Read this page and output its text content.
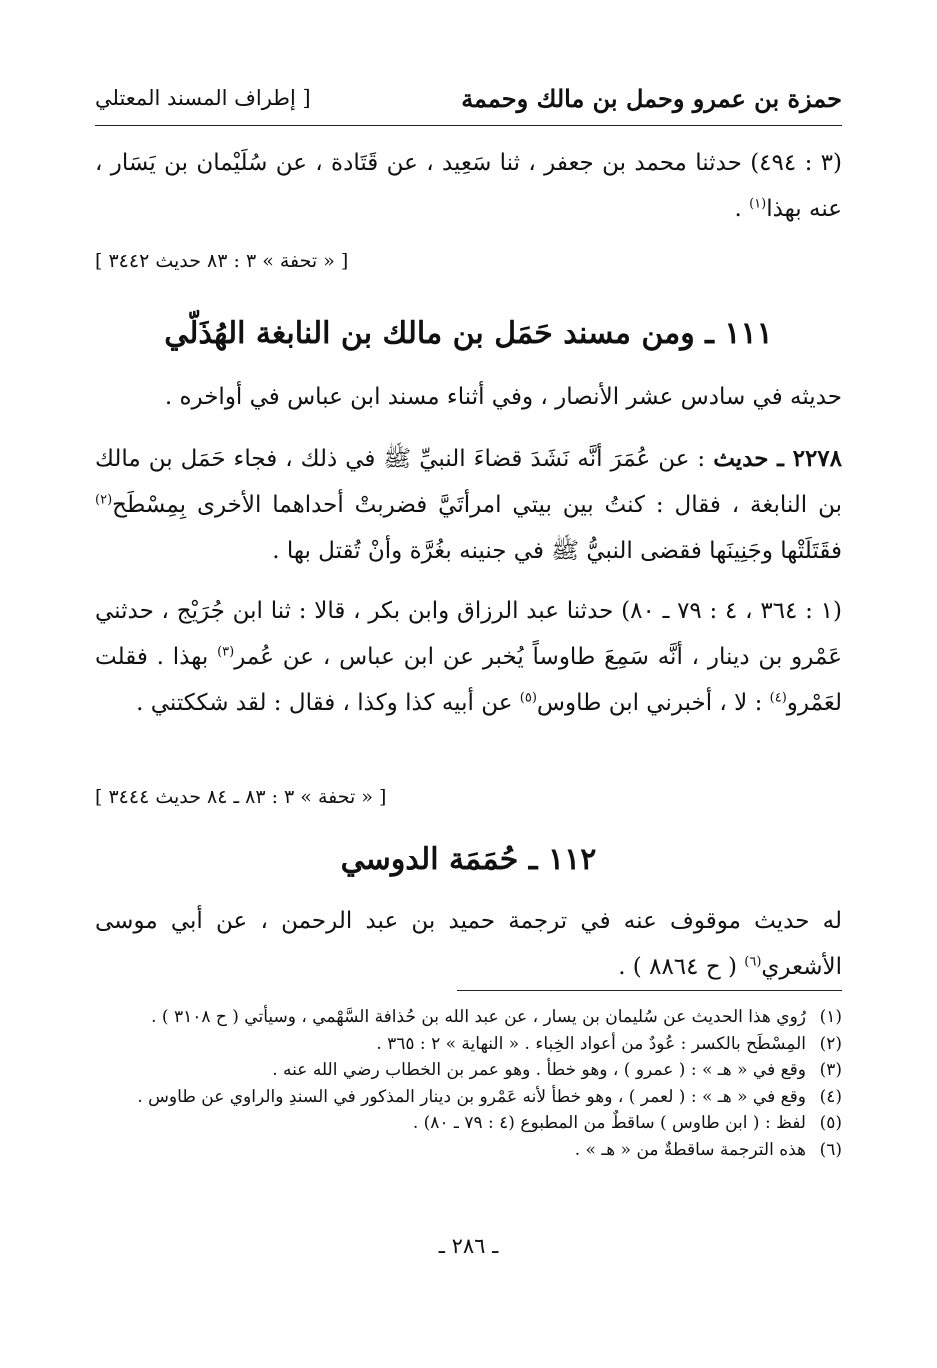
حمزة بن عمرو وحمل بن مالك وحممة
[ إطراف المسند المعتلي
(٣ : ٤٩٤) حدثنا محمد بن جعفر ، ثنا سَعِيد ، عن قَتَادة ، عن سُلَيْمان بن يَسَار ، عنه بهذا$^{(١)}$ .
[ « تحفة » ٣ : ٨٣ حديث ٣٤٤٢ ]
١١١ ـ ومن مسند حَمَل بن مالك بن النابغة الهُذَلّي
حديثه في سادس عشر الأنصار ، وفي أثناء مسند ابن عباس في أواخره .
٢٢٧٨ ـ حديث : عن عُمَرَ أنَّه نَشَدَ قضاءَ النبيِّ ﷺ في ذلك ، فجاء حَمَل بن مالك بن النابغة ، فقال : كنتُ بين بيتي امرأتَيَّ فضربتْ أحداهما الأخرى بِمِسْطَح$^{(٢)}$ فقَتَلَتْها وجَنِينَها فقضى النبيُّ ﷺ في جنينه بغُرَّة وأنْ تُقتل بها .
(١ : ٣٦٤ ، ٤ : ٧٩ ـ ٨٠) حدثنا عبد الرزاق وابن بكر ، قالا : ثنا ابن جُرَيْج ، حدثني عَمْرو بن دينار ، أنَّه سَمِعَ طاوساً يُخبر عن ابن عباس ، عن عُمر$^{(٣)}$ بهذا . فقلت لعَمْرو$^{(٤)}$ : لا ، أخبرني ابن طاوس$^{(٥)}$ عن أبيه كذا وكذا ، فقال : لقد شككتني .
[ « تحفة » ٣ : ٨٣ ـ ٨٤ حديث ٣٤٤٤ ]
١١٢ ـ حُمَمَة الدوسي
له حديث موقوف عنه في ترجمة حميد بن عبد الرحمن ، عن أبي موسى الأشعري$^{(٦)}$ ( ح ٨٨٦٤ ) .
(١)رُوي هذا الحديث عن سُليمان بن يسار ، عن عبد الله بن حُذافة السَّهْمي ، وسيأتي ( ح ٣١٠٨ ) .
(٢)المِسْطَح بالكسر : عُودٌ من أعواد الخِباء . « النهاية » ٢ : ٣٦٥ .
(٣)وقع في « هـ » : ( عمرو ) ، وهو خطأ . وهو عمر بن الخطاب رضي الله عنه .
(٤)وقع في « هـ » : ( لعمر ) ، وهو خطأ لأنه عَمْرو بن دينار المذكور في السندِ والراوي عن طاوس .
(٥)لفظ : ( ابن طاوس ) ساقطٌ من المطبوع (٤ : ٧٩ ـ ٨٠) .
(٦)هذه الترجمة ساقطةٌ من « هـ » .
ـ ٢٨٦ ـ
